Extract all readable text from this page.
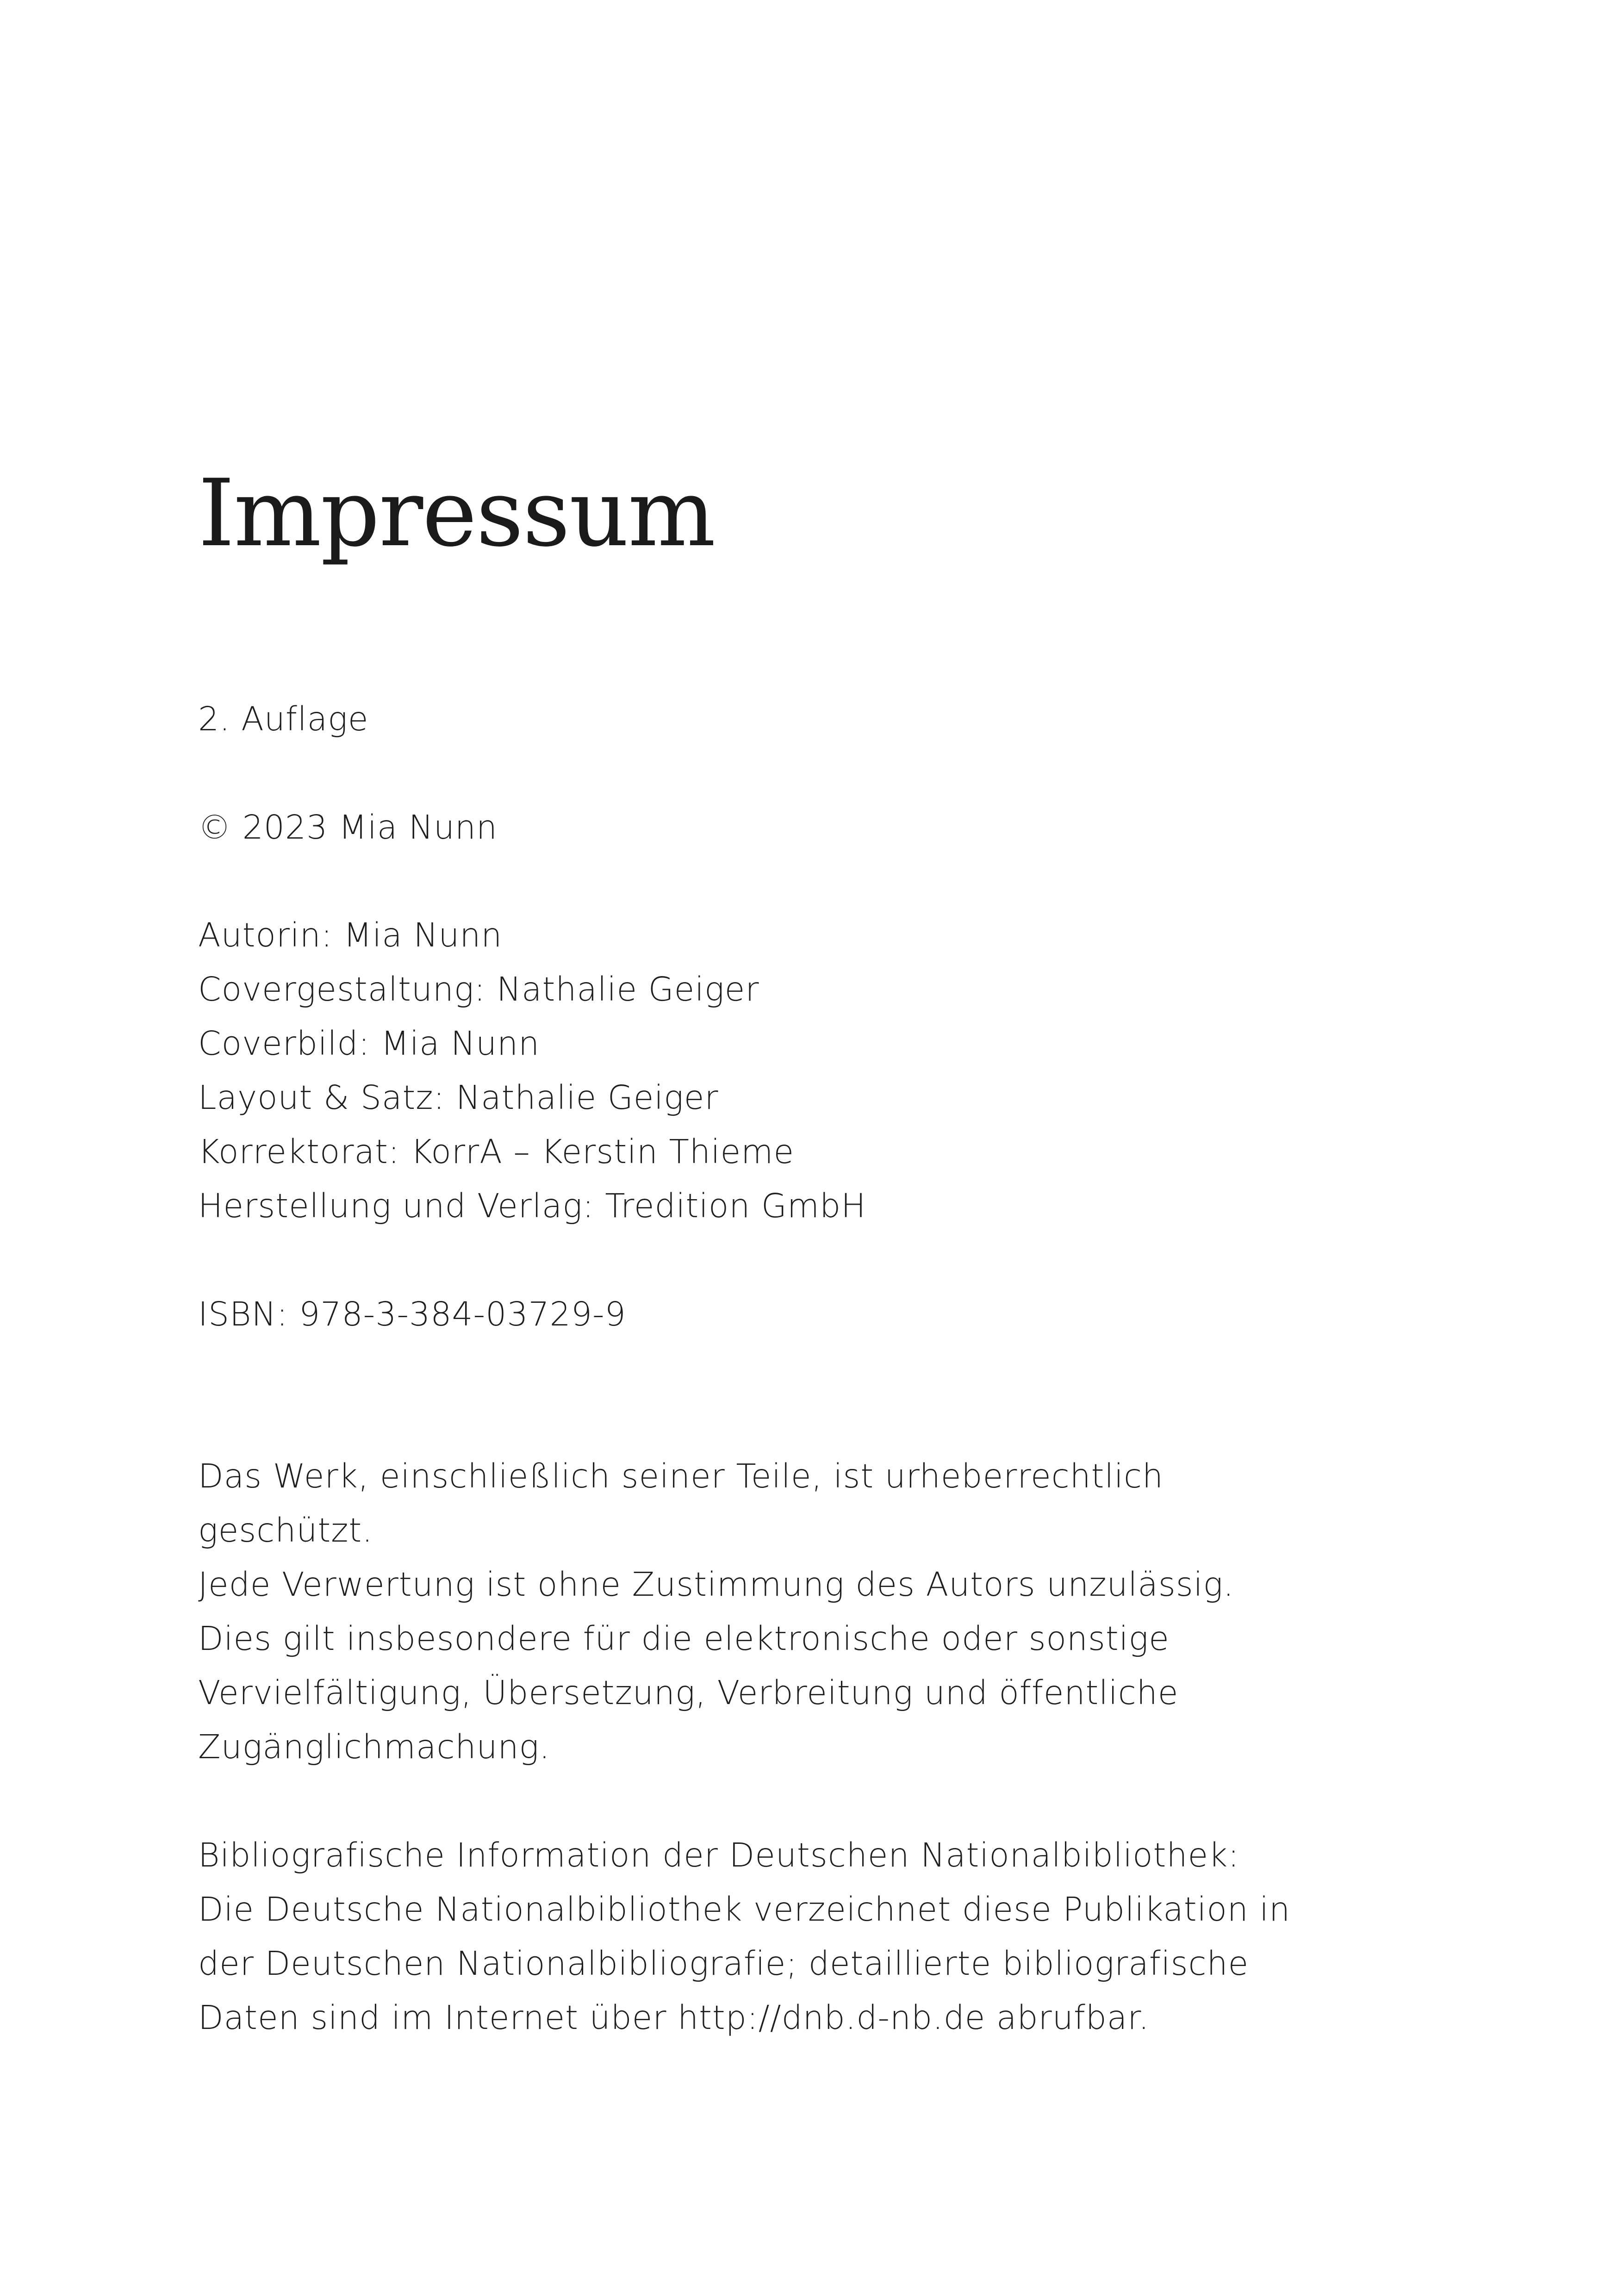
Impressum

2. Auflage

© 2023 Mia Nunn

Autorin: Mia Nunn

Covergestaltung: Nathalie Geiger

Coverbild: Mia Nunn

Layout & Satz: Nathalie Geiger

Korrektorat: KorrA – Kerstin Thieme

Herstellung und Verlag: Tredition GmbH

ISBN: 978-3-384-03729-9

Das Werk, einschließlich seiner Teile, ist urheberrechtlich

geschützt.

Jede Verwertung ist ohne Zustimmung des Autors unzulässig.

Dies gilt insbesondere für die elektronische oder sonstige

Vervielfältigung, Übersetzung, Verbreitung und öffentliche

Zugänglichmachung.

Bibliografische Information der Deutschen Nationalbibliothek:

Die Deutsche Nationalbibliothek verzeichnet diese Publikation in

der Deutschen Nationalbibliografie; detaillierte bibliografische

Daten sind im Internet über http://dnb.d-nb.de abrufbar.
